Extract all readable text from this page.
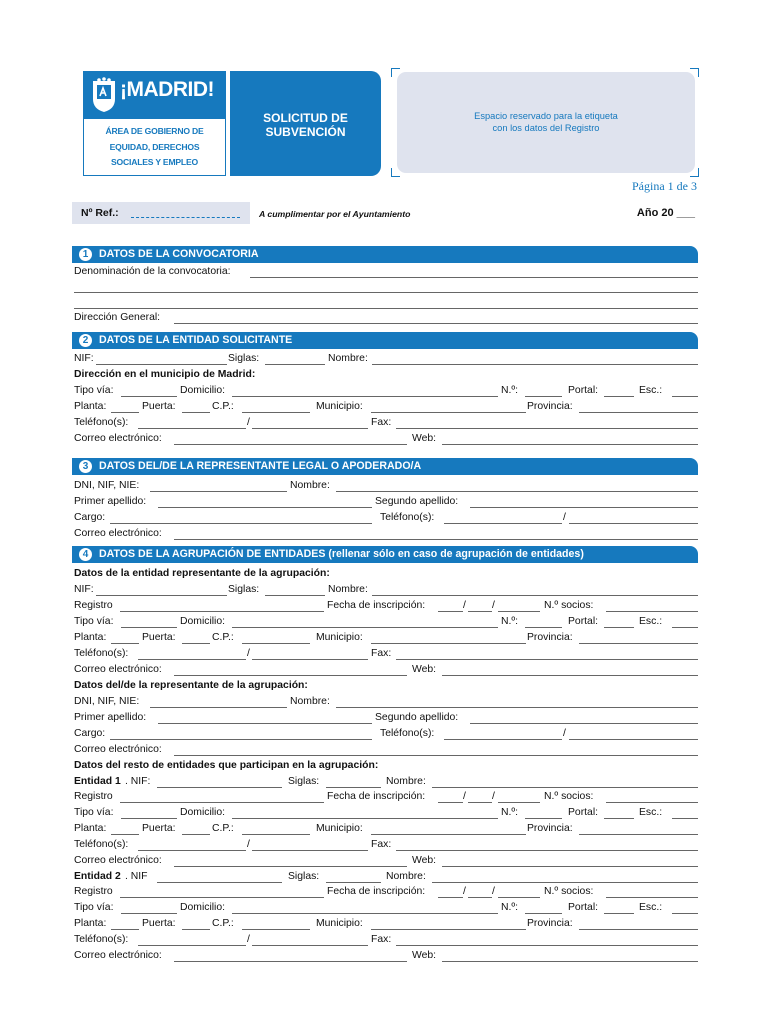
¡MADRID!
ÁREA DE GOBIERNO DE
EQUIDAD, DERECHOS
SOCIALES Y EMPLEO
SOLICITUD DE
SUBVENCIÓN
Espacio reservado para la etiqueta
con los datos del Registro
Página 1 de 3
Nº Ref.:	A cumplimentar por el Ayuntamiento	Año 20 ___
1	DATOS DE LA CONVOCATORIA
Denominación de la convocatoria:
Dirección General:
2	DATOS DE LA ENTIDAD SOLICITANTE
NIF:	Siglas:	Nombre:
Dirección en el municipio de Madrid:
Tipo vía:	Domicilio:	N.º:	Portal:	Esc.:
Planta:	Puerta:	C.P.:	Municipio:	Provincia:
Teléfono(s):	/	Fax:
Correo electrónico:	Web:
3	DATOS DEL/DE LA REPRESENTANTE LEGAL O APODERADO/A
DNI, NIF, NIE:	Nombre:
Primer apellido:	Segundo apellido:
Cargo:	Teléfono(s):	/
Correo electrónico:
4	DATOS DE LA AGRUPACIÓN DE ENTIDADES (rellenar sólo en caso de agrupación de entidades)
Datos de la entidad representante de la agrupación:
NIF:	Siglas:	Nombre:
Registro	Fecha de inscripción:	/	/	N.º socios:
Tipo vía:	Domicilio:	N.º:	Portal:	Esc.:
Planta:	Puerta:	C.P.:	Municipio:	Provincia:
Teléfono(s):	/	Fax:
Correo electrónico:	Web:
Datos del/de la representante de la agrupación:
DNI, NIF, NIE:	Nombre:
Primer apellido:	Segundo apellido:
Cargo:	Teléfono(s):	/
Correo electrónico:
Datos del resto de entidades que participan en la agrupación:
Entidad 1 . NIF:	Siglas:	Nombre:
Registro	Fecha de inscripción:	/	/	N.º socios:
Tipo vía:	Domicilio:	N.º:	Portal:	Esc.:
Planta:	Puerta:	C.P.:	Municipio:	Provincia:
Teléfono(s):	/	Fax:
Correo electrónico:	Web:
Entidad 2 . NIF	Siglas:	Nombre:
Registro	Fecha de inscripción:	/	/	N.º socios:
Tipo vía:	Domicilio:	N.º:	Portal:	Esc.:
Planta:	Puerta:	C.P.:	Municipio:	Provincia:
Teléfono(s):	/	Fax:
Correo electrónico:	Web:
